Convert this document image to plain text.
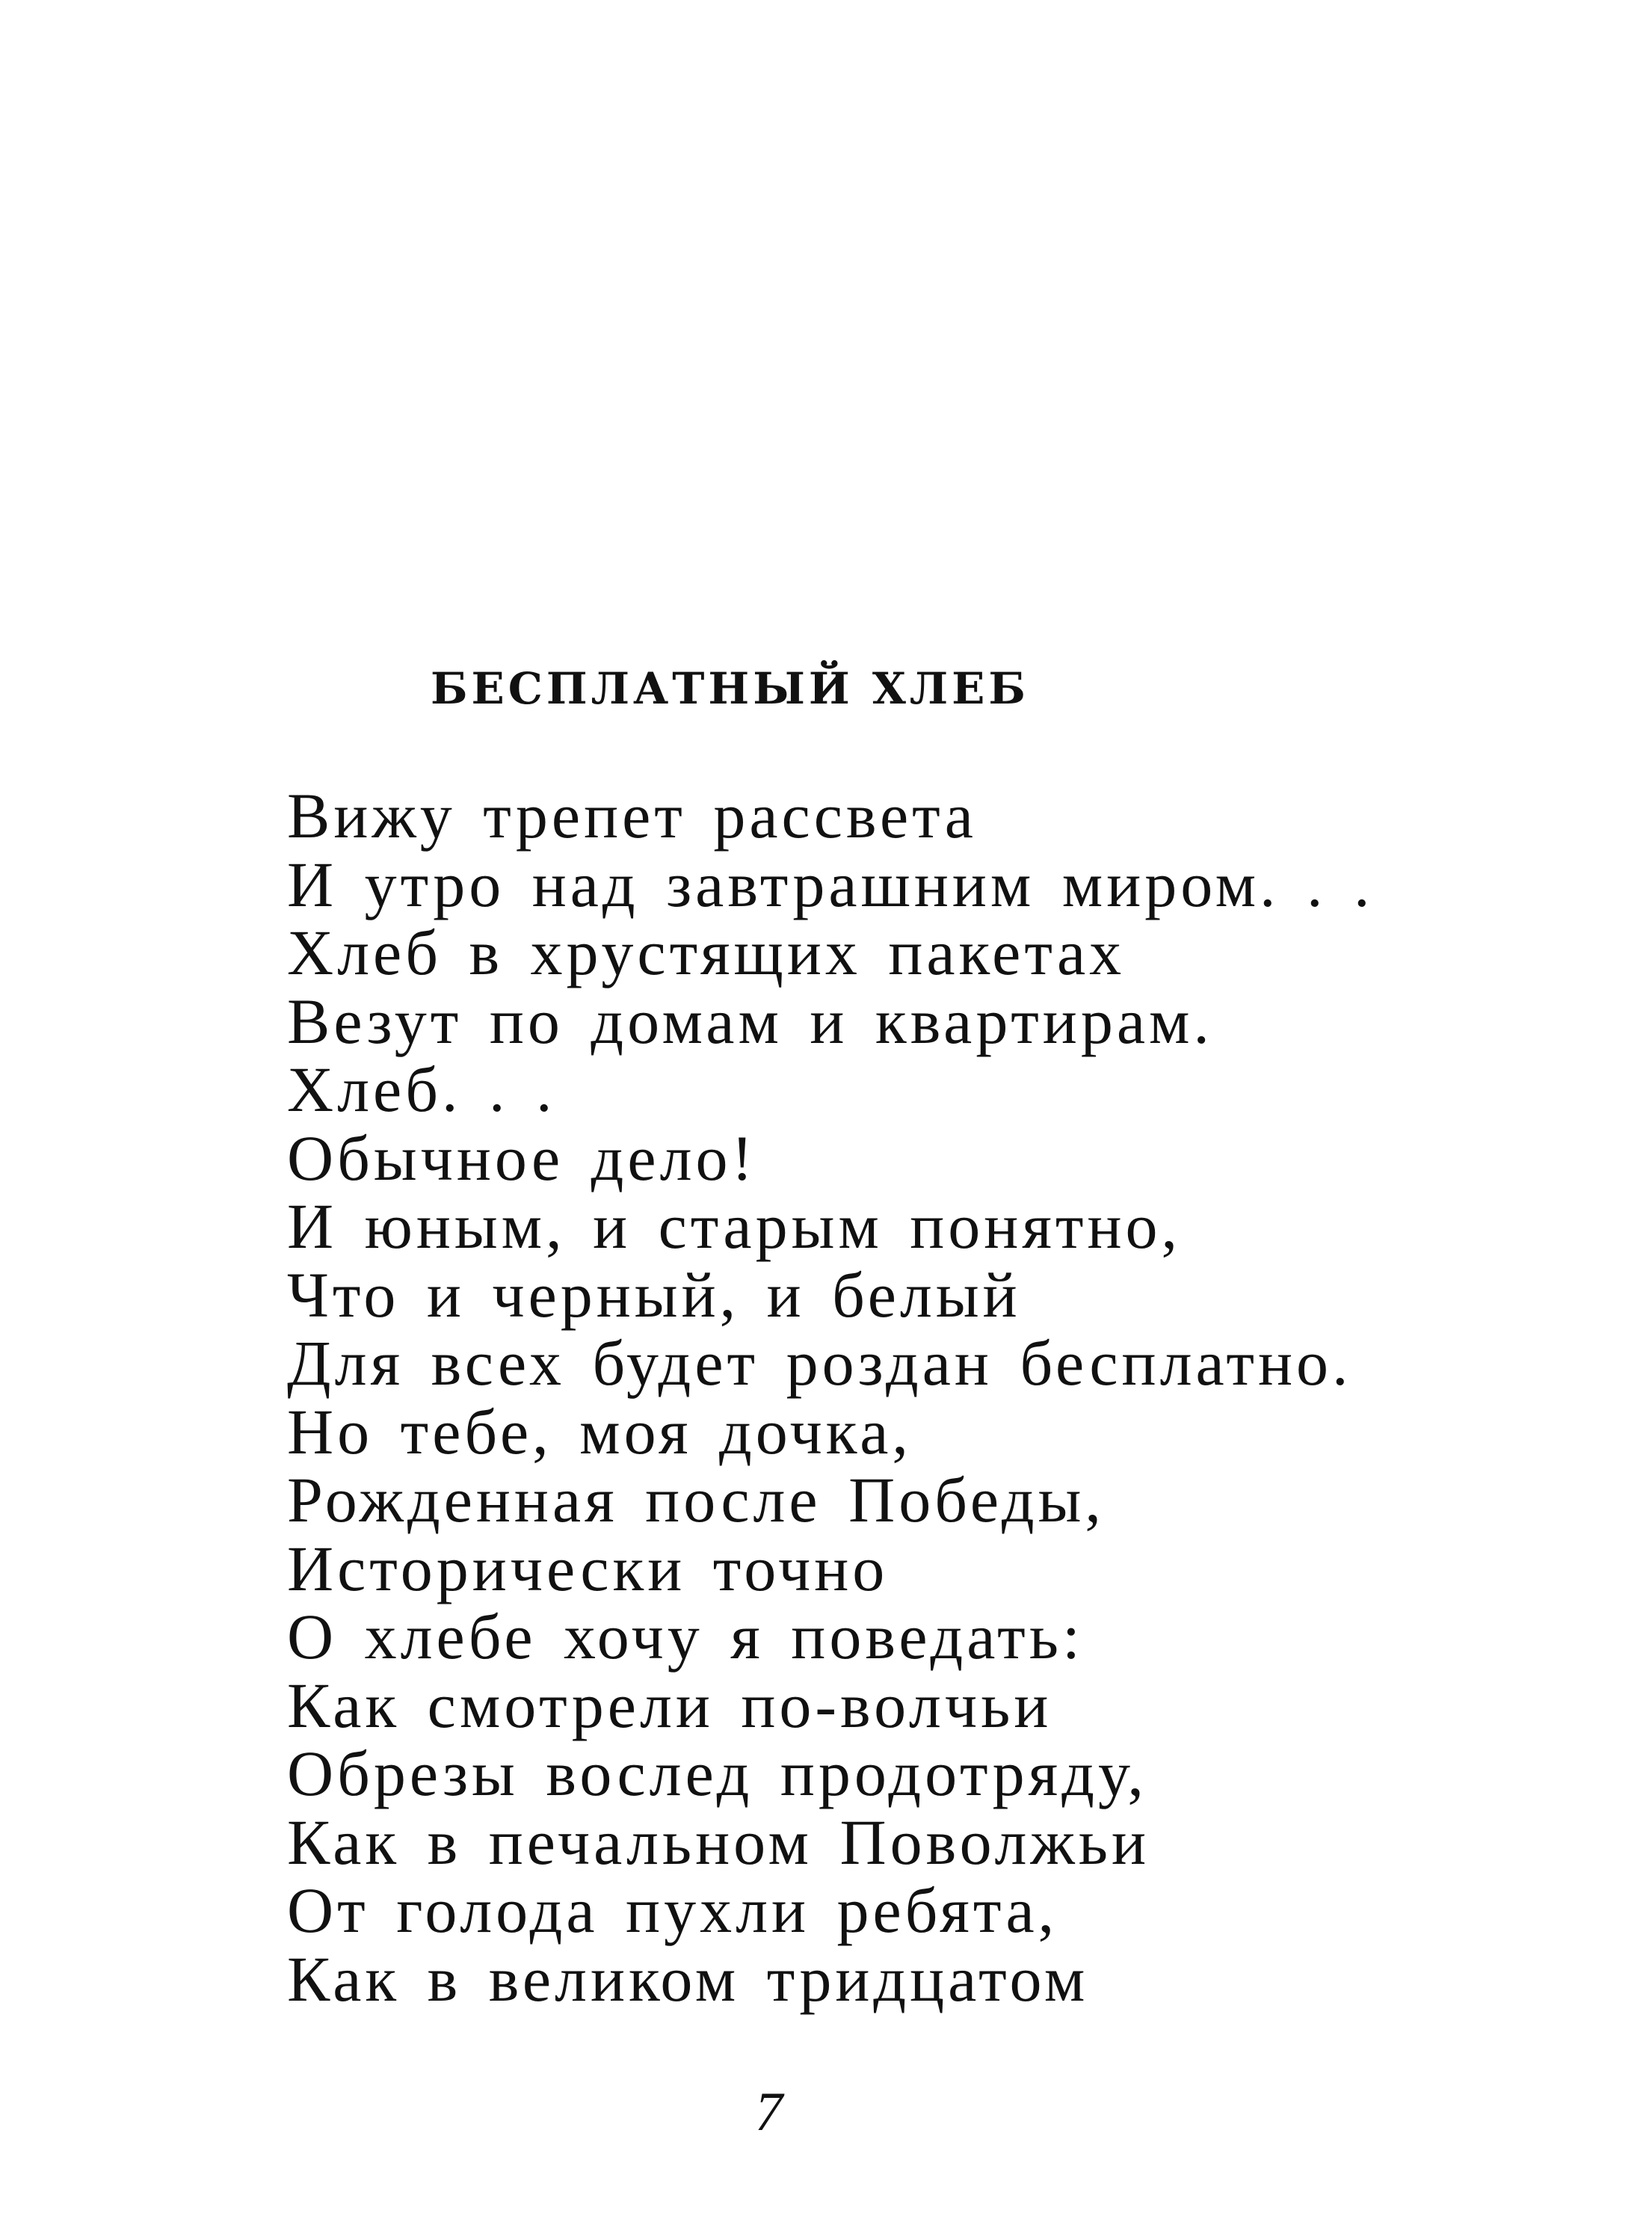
БЕСПЛАТНЫЙ ХЛЕБ
Вижу трепет рассвета
И утро над завтрашним миром. . .
Хлеб в хрустящих пакетах
Везут по домам и квартирам.
Хлеб. . .
Обычное дело!
И юным, и старым понятно,
Что и черный, и белый
Для всех будет роздан бесплатно.
Но тебе, моя дочка,
Рожденная после Победы,
Исторически точно
О хлебе хочу я поведать:
Как смотрели по-волчьи
Обрезы вослед продотряду,
Как в печальном Поволжьи
От голода пухли ребята,
Как в великом тридцатом
7
